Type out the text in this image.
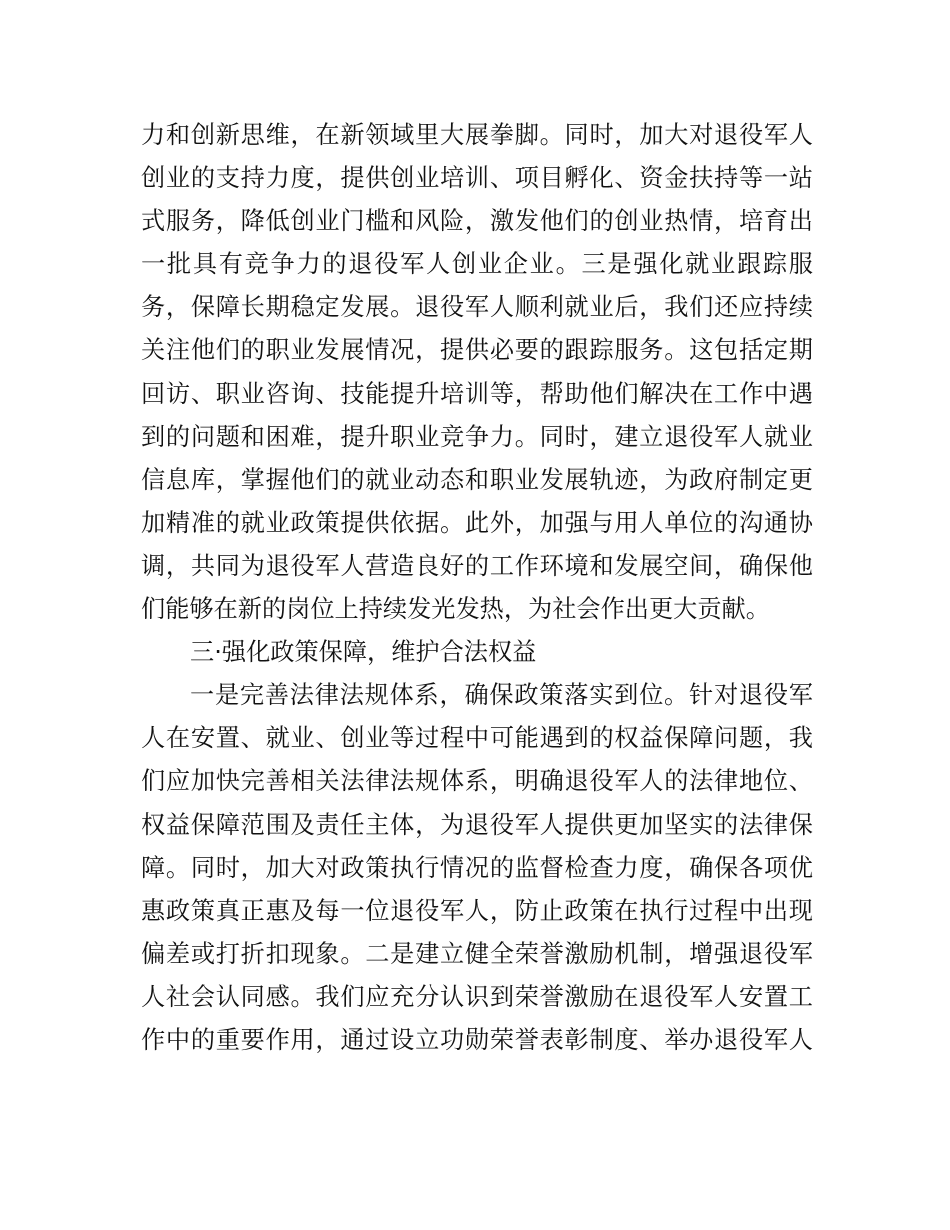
力和创新思维，在新领域里大展拳脚。同时，加大对退役军人
创业的支持力度，提供创业培训、项目孵化、资金扶持等一站
式服务，降低创业门槛和风险，激发他们的创业热情，培育出
一批具有竞争力的退役军人创业企业。三是强化就业跟踪服
务，保障长期稳定发展。退役军人顺利就业后，我们还应持续
关注他们的职业发展情况，提供必要的跟踪服务。这包括定期
回访、职业咨询、技能提升培训等，帮助他们解决在工作中遇
到的问题和困难，提升职业竞争力。同时，建立退役军人就业
信息库，掌握他们的就业动态和职业发展轨迹，为政府制定更
加精准的就业政策提供依据。此外，加强与用人单位的沟通协
调，共同为退役军人营造良好的工作环境和发展空间，确保他
们能够在新的岗位上持续发光发热，为社会作出更大贡献。
三·强化政策保障，维护合法权益
一是完善法律法规体系，确保政策落实到位。针对退役军
人在安置、就业、创业等过程中可能遇到的权益保障问题，我
们应加快完善相关法律法规体系，明确退役军人的法律地位、
权益保障范围及责任主体，为退役军人提供更加坚实的法律保
障。同时，加大对政策执行情况的监督检查力度，确保各项优
惠政策真正惠及每一位退役军人，防止政策在执行过程中出现
偏差或打折扣现象。二是建立健全荣誉激励机制，增强退役军
人社会认同感。我们应充分认识到荣誉激励在退役军人安置工
作中的重要作用，通过设立功勋荣誉表彰制度、举办退役军人
